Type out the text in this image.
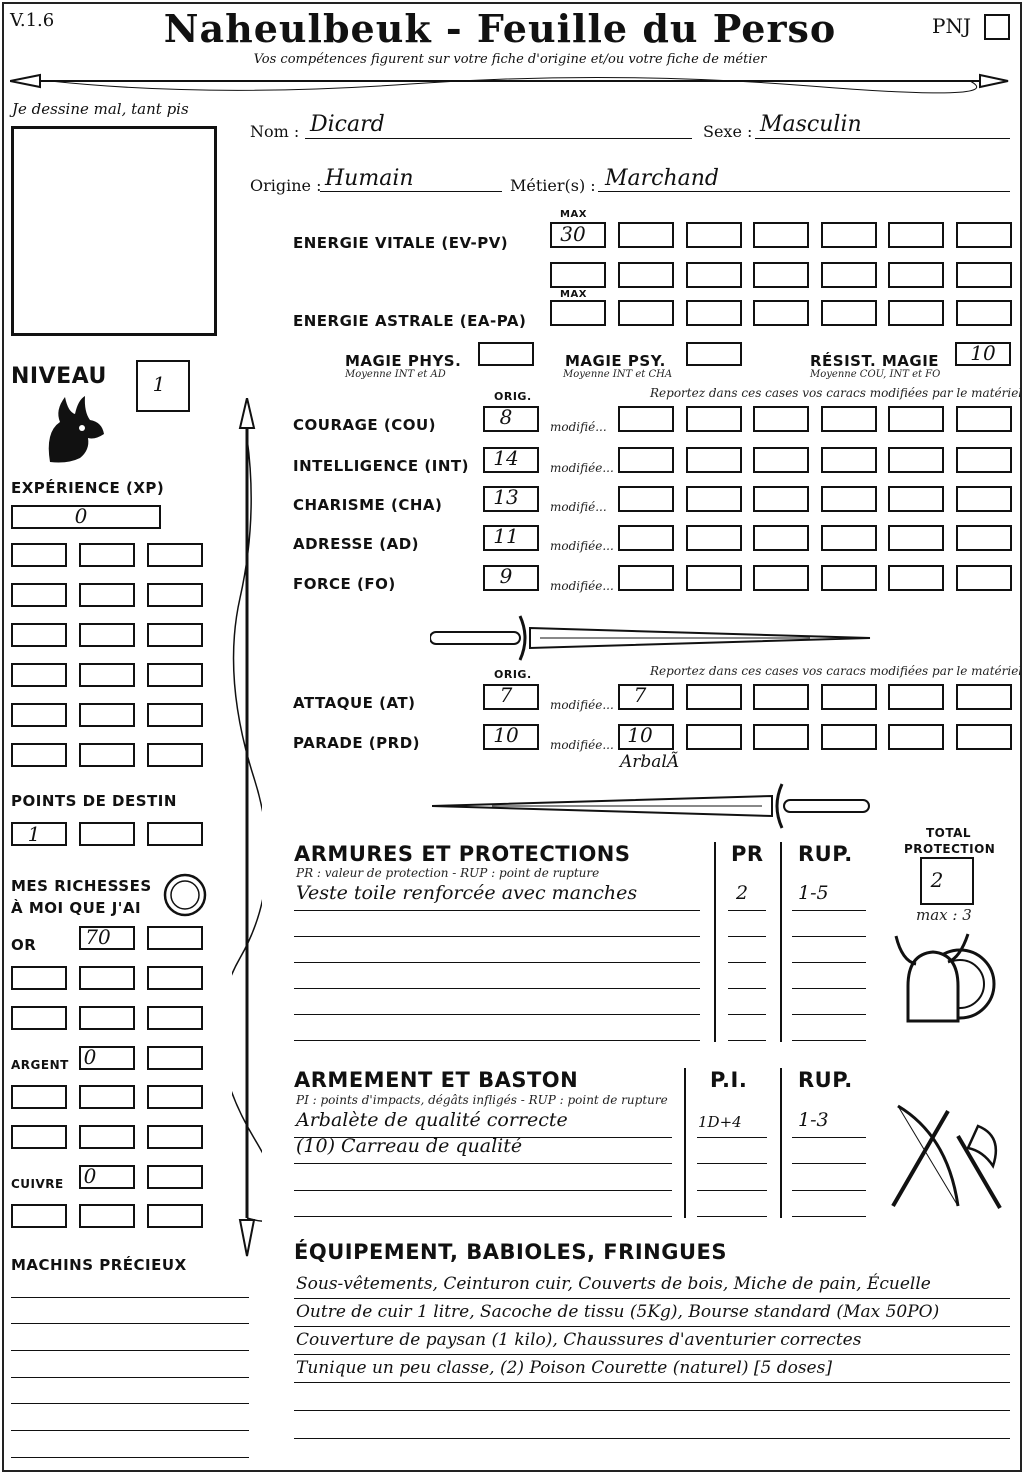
V.1.6	Naheulbeuk - Feuille du Perso
Vos compétences figurent sur votre fiche d'origine et/ou votre fiche de métier
PNJ
Je dessine mal, tant pis
Nom : Dicard	Sexe : Masculin
Origine : Humain	Métier(s) : Marchand
MAX
ENERGIE VITALE (EV-PV)	30
MAX
ENERGIE ASTRALE (EA-PA)
MAGIE PHYS.
Moyenne INT et AD
MAGIE PSY.
Moyenne INT et CHA
RÉSIST. MAGIE
Moyenne COU, INT et FO
10
NIVEAU	1
EXPÉRIENCE (XP)
0
POINTS DE DESTIN
1
MES RICHESSES
À MOI QUE J'AI
OR 70
ARGENT 0
CUIVRE 0
MACHINS PRÉCIEUX
ORIG.	Reportez dans ces cases vos caracs modifiées par le matériel
COURAGE (COU)	8	modifié...
INTELLIGENCE (INT)	14	modifiée...
CHARISME (CHA)	13	modifié...
ADRESSE (AD)	11	modifiée...
FORCE (FO)	9	modifiée...
ORIG.	Reportez dans ces cases vos caracs modifiées par le matériel
ATTAQUE (AT)	7	modifiée... 7
PARADE (PRD)	10	modifiée... 10
ArbalÃ
ARMURES ET PROTECTIONS
PR : valeur de protection - RUP : point de rupture
PR RUP.
Veste toile renforcée avec manches	2	1-5
TOTAL
PROTECTION
2
max : 3
ARMEMENT ET BASTON
PI : points d'impacts, dégâts infligés - RUP : point de rupture
P.I. RUP.
Arbalète de qualité correcte	1D+4	1-3
(10) Carreau de qualité
ÉQUIPEMENT, BABIOLES, FRINGUES
Sous-vêtements, Ceinturon cuir, Couverts de bois, Miche de pain, Écuelle
Outre de cuir 1 litre, Sacoche de tissu (5Kg), Bourse standard (Max 50PO)
Couverture de paysan (1 kilo), Chaussures d'aventurier correctes
Tunique un peu classe, (2) Poison Courette (naturel) [5 doses]
